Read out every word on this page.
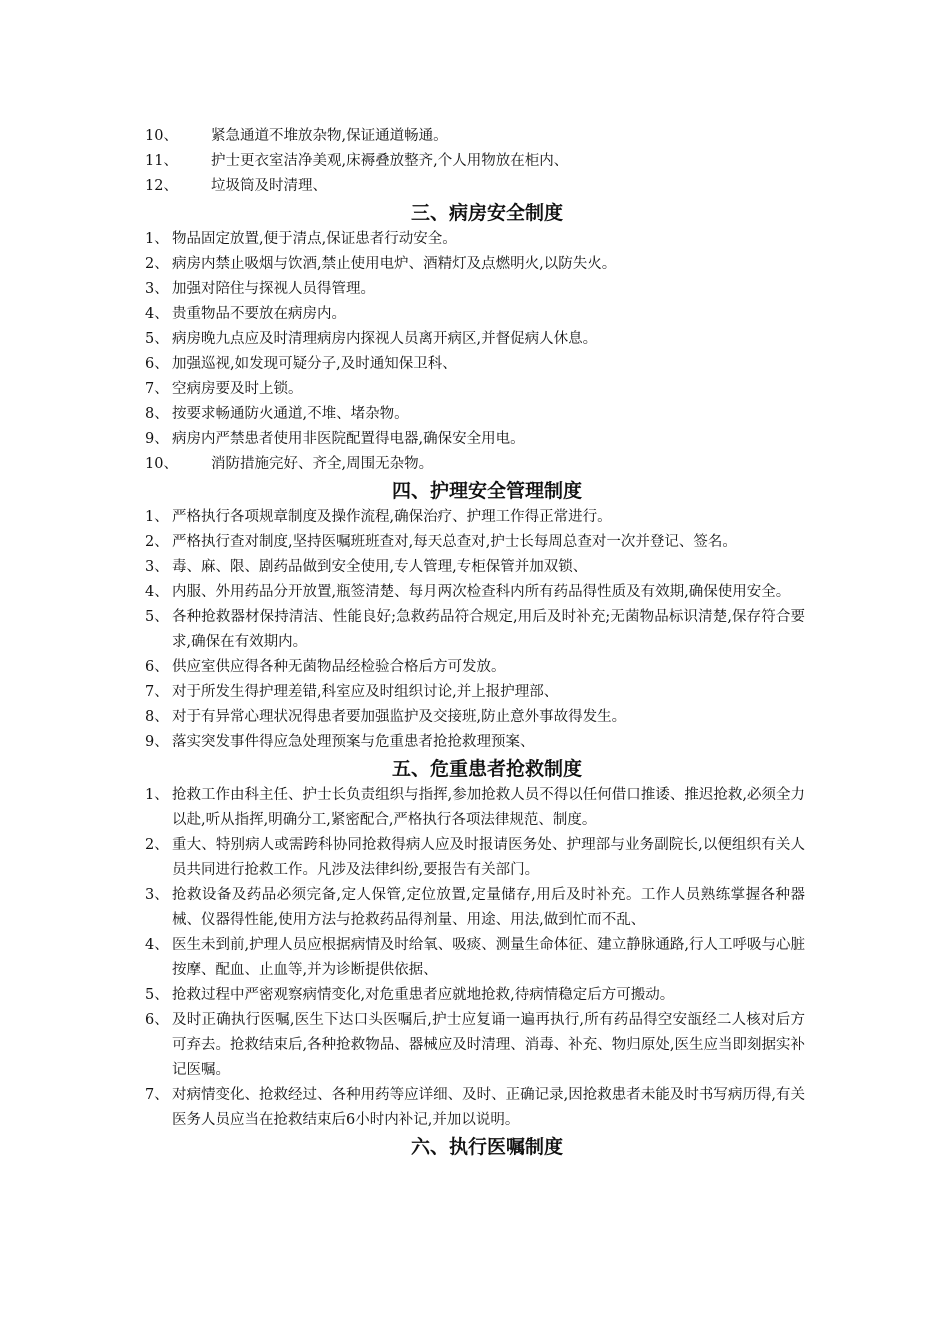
10、	紧急通道不堆放杂物,保证通道畅通。
11、	护士更衣室洁净美观,床褥叠放整齐,个人用物放在柜内、
12、	垃圾筒及时清理、
三、病房安全制度
1、 物品固定放置,便于清点,保证患者行动安全。
2、 病房内禁止吸烟与饮酒,禁止使用电炉、酒精灯及点燃明火,以防失火。
3、 加强对陪住与探视人员得管理。
4、 贵重物品不要放在病房内。
5、 病房晚九点应及时清理病房内探视人员离开病区,并督促病人休息。
6、 加强巡视,如发现可疑分子,及时通知保卫科、
7、 空病房要及时上锁。
8、 按要求畅通防火通道,不堆、堵杂物。
9、 病房内严禁患者使用非医院配置得电器,确保安全用电。
10、	消防措施完好、齐全,周围无杂物。
四、护理安全管理制度
1、 严格执行各项规章制度及操作流程,确保治疗、护理工作得正常进行。
2、 严格执行查对制度,坚持医嘱班班查对,每天总查对,护士长每周总查对一次并登记、签名。
3、 毒、麻、限、剧药品做到安全使用,专人管理,专柜保管并加双锁、
4、 内服、外用药品分开放置,瓶签清楚、每月两次检查科内所有药品得性质及有效期,确保使用安全。
5、 各种抢救器材保持清洁、性能良好;急救药品符合规定,用后及时补充;无菌物品标识清楚,保存符合要求,确保在有效期内。
6、 供应室供应得各种无菌物品经检验合格后方可发放。
7、 对于所发生得护理差错,科室应及时组织讨论,并上报护理部、
8、 对于有异常心理状况得患者要加强监护及交接班,防止意外事故得发生。
9、 落实突发事件得应急处理预案与危重患者抢抢救理预案、
五、危重患者抢救制度
1、 抢救工作由科主任、护士长负责组织与指挥,参加抢救人员不得以任何借口推诿、推迟抢救,必须全力以赴,听从指挥,明确分工,紧密配合,严格执行各项法律规范、制度。
2、 重大、特别病人或需跨科协同抢救得病人应及时报请医务处、护理部与业务副院长,以便组织有关人员共同进行抢救工作。凡涉及法律纠纷,要报告有关部门。
3、 抢救设备及药品必须完备,定人保管,定位放置,定量储存,用后及时补充。工作人员熟练掌握各种器械、仪器得性能,使用方法与抢救药品得剂量、用途、用法,做到忙而不乱、
4、 医生未到前,护理人员应根据病情及时给氧、吸痰、测量生命体征、建立静脉通路,行人工呼吸与心脏按摩、配血、止血等,并为诊断提供依据、
5、 抢救过程中严密观察病情变化,对危重患者应就地抢救,待病情稳定后方可搬动。
6、 及时正确执行医嘱,医生下达口头医嘱后,护士应复诵一遍再执行,所有药品得空安瓿经二人核对后方可弃去。抢救结束后,各种抢救物品、器械应及时清理、消毒、补充、物归原处,医生应当即刻据实补记医嘱。
7、 对病情变化、抢救经过、各种用药等应详细、及时、正确记录,因抢救患者未能及时书写病历得,有关医务人员应当在抢救结束后6小时内补记,并加以说明。
六、执行医嘱制度
